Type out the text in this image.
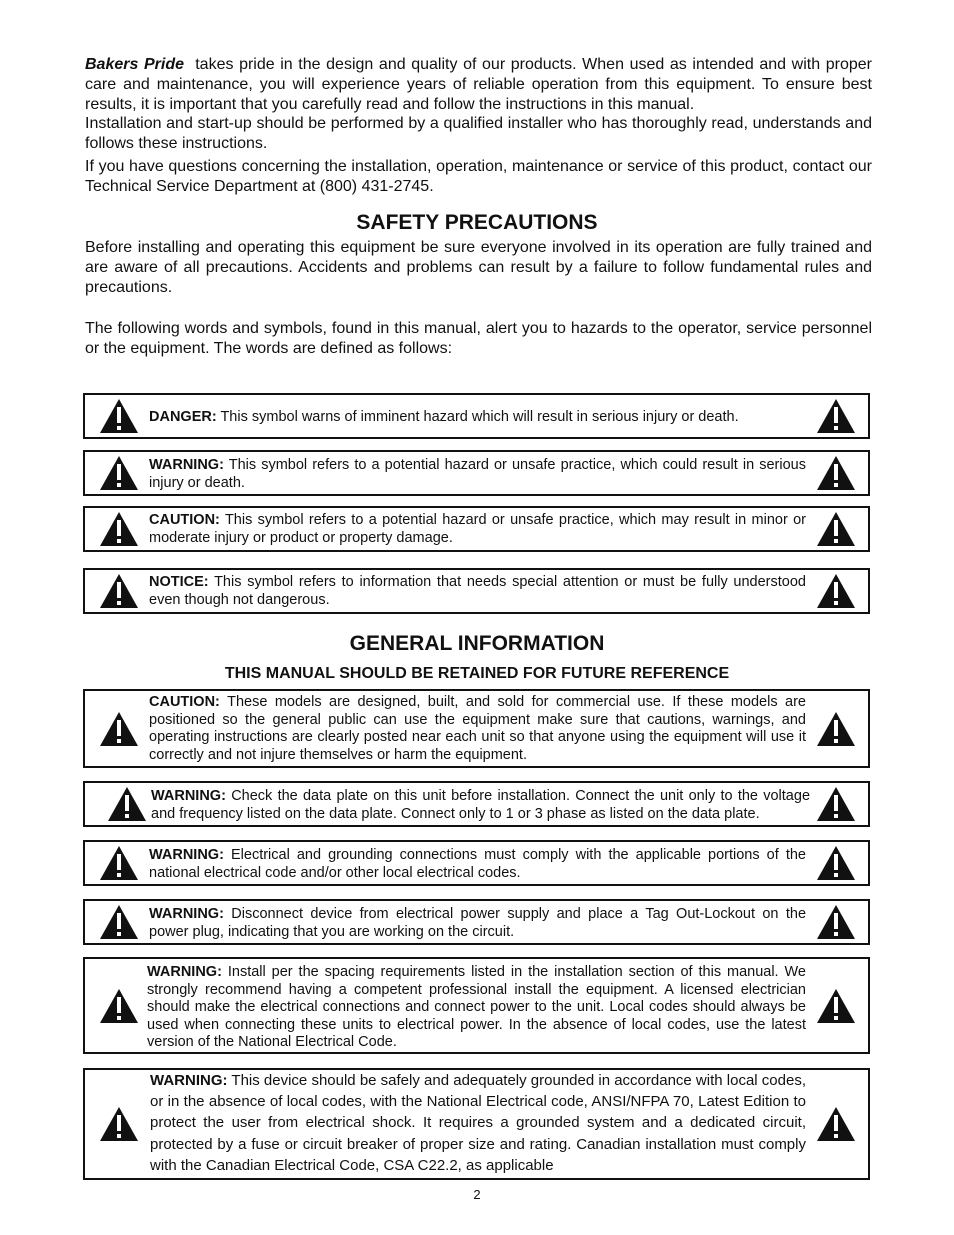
Bakers Pride takes pride in the design and quality of our products. When used as intended and with proper care and maintenance, you will experience years of reliable operation from this equipment. To ensure best results, it is important that you carefully read and follow the instructions in this manual.

Installation and start-up should be performed by a qualified installer who has thoroughly read, understands and follows these instructions.

If you have questions concerning the installation, operation, maintenance or service of this product, contact our Technical Service Department at (800) 431-2745.

SAFETY PRECAUTIONS

Before installing and operating this equipment be sure everyone involved in its operation are fully trained and are aware of all precautions. Accidents and problems can result by a failure to follow fundamental rules and precautions.

The following words and symbols, found in this manual, alert you to hazards to the operator, service personnel or the equipment. The words are defined as follows:

DANGER: This symbol warns of imminent hazard which will result in serious injury or death.
WARNING: This symbol refers to a potential hazard or unsafe practice, which could result in serious injury or death.
CAUTION: This symbol refers to a potential hazard or unsafe practice, which may result in minor or moderate injury or product or property damage.
NOTICE: This symbol refers to information that needs special attention or must be fully understood even though not dangerous.
GENERAL INFORMATION
THIS MANUAL SHOULD BE RETAINED FOR FUTURE REFERENCE
CAUTION: These models are designed, built, and sold for commercial use. If these models are positioned so the general public can use the equipment make sure that cautions, warnings, and operating instructions are clearly posted near each unit so that anyone using the equipment will use it correctly and not injure themselves or harm the equipment.
WARNING: Check the data plate on this unit before installation. Connect the unit only to the voltage and frequency listed on the data plate. Connect only to 1 or 3 phase as listed on the data plate.
WARNING: Electrical and grounding connections must comply with the applicable portions of the national electrical code and/or other local electrical codes.
WARNING: Disconnect device from electrical power supply and place a Tag Out-Lockout on the power plug, indicating that you are working on the circuit.
WARNING: Install per the spacing requirements listed in the installation section of this manual. We strongly recommend having a competent professional install the equipment. A licensed electrician should make the electrical connections and connect power to the unit. Local codes should always be used when connecting these units to electrical power. In the absence of local codes, use the latest version of the National Electrical Code.
WARNING: This device should be safely and adequately grounded in accordance with local codes, or in the absence of local codes, with the National Electrical code, ANSI/NFPA 70, Latest Edition to protect the user from electrical shock. It requires a grounded system and a dedicated circuit, protected by a fuse or circuit breaker of proper size and rating. Canadian installation must comply with the Canadian Electrical Code, CSA C22.2, as applicable
2
